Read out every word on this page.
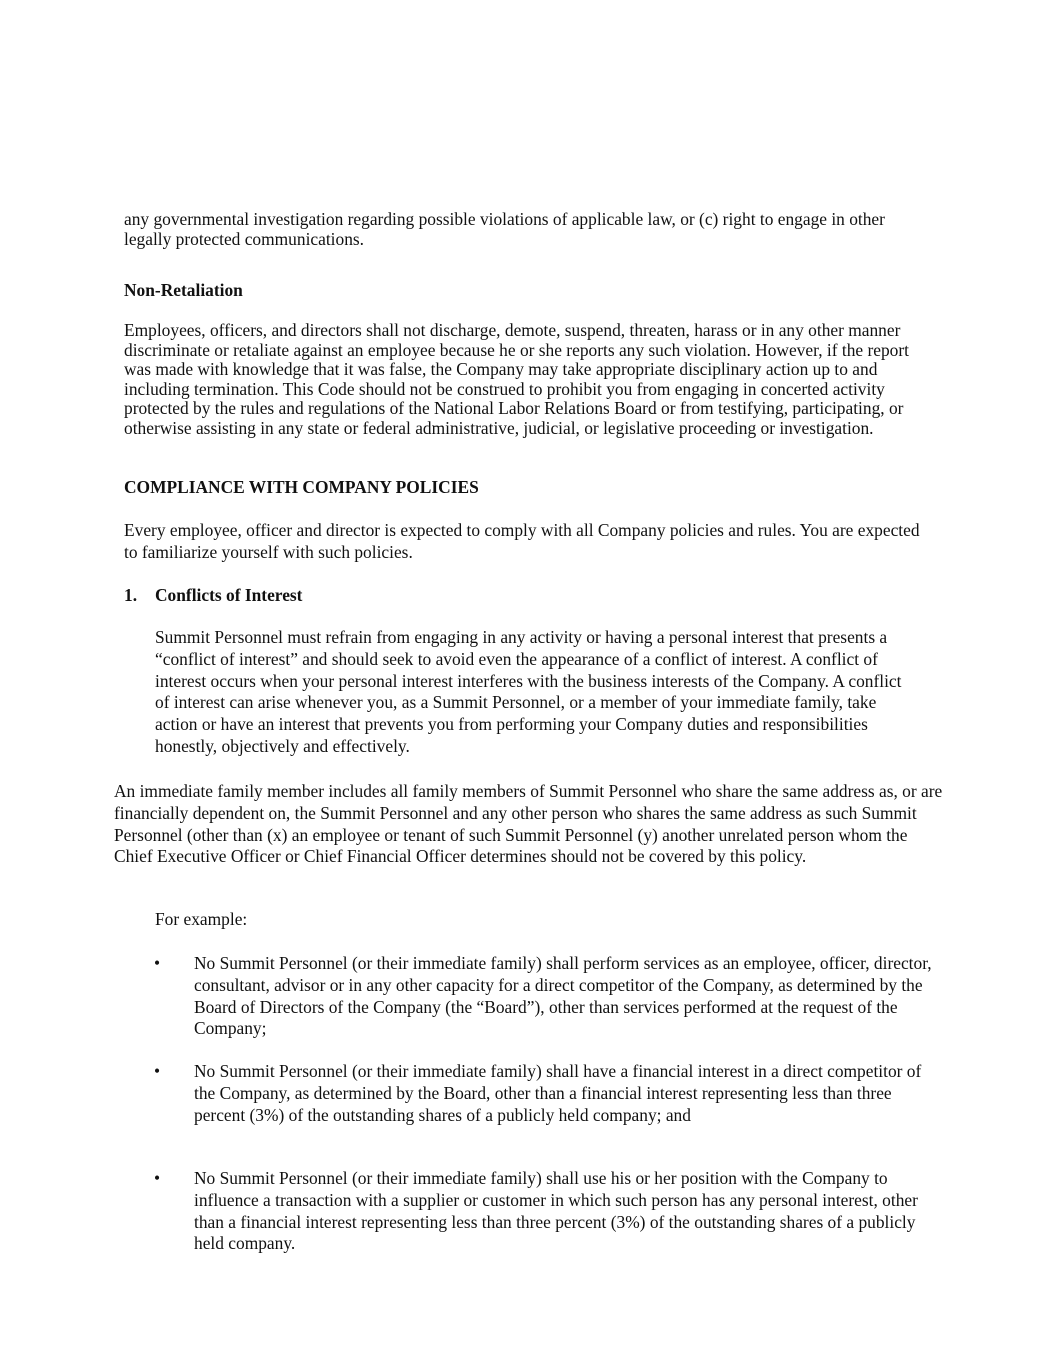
any governmental investigation regarding possible violations of applicable law, or (c) right to engage in other legally protected communications.

Non-Retaliation

Employees, officers, and directors shall not discharge, demote, suspend, threaten, harass or in any other manner discriminate or retaliate against an employee because he or she reports any such violation. However, if the report was made with knowledge that it was false, the Company may take appropriate disciplinary action up to and including termination. This Code should not be construed to prohibit you from engaging in concerted activity protected by the rules and regulations of the National Labor Relations Board or from testifying, participating, or otherwise assisting in any state or federal administrative, judicial, or legislative proceeding or investigation.

COMPLIANCE WITH COMPANY POLICIES

Every employee, officer and director is expected to comply with all Company policies and rules. You are expected to familiarize yourself with such policies.

1. Conflicts of Interest

Summit Personnel must refrain from engaging in any activity or having a personal interest that presents a “conflict of interest” and should seek to avoid even the appearance of a conflict of interest. A conflict of interest occurs when your personal interest interferes with the business interests of the Company. A conflict of interest can arise whenever you, as a Summit Personnel, or a member of your immediate family, take action or have an interest that prevents you from performing your Company duties and responsibilities honestly, objectively and effectively.

An immediate family member includes all family members of Summit Personnel who share the same address as, or are financially dependent on, the Summit Personnel and any other person who shares the same address as such Summit Personnel (other than (x) an employee or tenant of such Summit Personnel (y) another unrelated person whom the Chief Executive Officer or Chief Financial Officer determines should not be covered by this policy.

For example:

• No Summit Personnel (or their immediate family) shall perform services as an employee, officer, director, consultant, advisor or in any other capacity for a direct competitor of the Company, as determined by the Board of Directors of the Company (the “Board”), other than services performed at the request of the Company;
• No Summit Personnel (or their immediate family) shall have a financial interest in a direct competitor of the Company, as determined by the Board, other than a financial interest representing less than three percent (3%) of the outstanding shares of a publicly held company; and
• No Summit Personnel (or their immediate family) shall use his or her position with the Company to influence a transaction with a supplier or customer in which such person has any personal interest, other than a financial interest representing less than three percent (3%) of the outstanding shares of a publicly held company.
